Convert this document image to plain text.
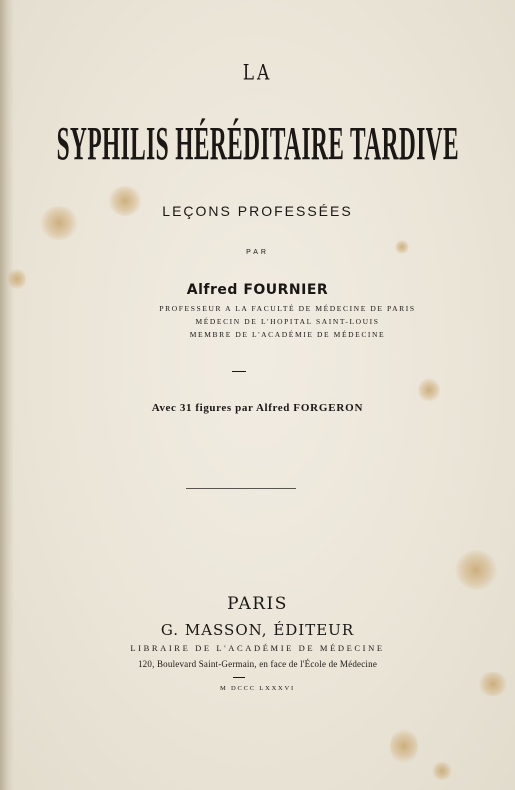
LA
SYPHILIS HÉRÉDITAIRE TARDIVE
LEÇONS PROFESSÉES
PAR
Alfred FOURNIER
PROFESSEUR A LA FACULTÉ DE MÉDECINE DE PARIS
MÉDECIN DE L'HOPITAL SAINT-LOUIS
MEMBRE DE L'ACADÉMIE DE MÉDECINE
Avec 31 figures par Alfred FORGERON
PARIS
G. MASSON, ÉDITEUR
LIBRAIRE DE L'ACADÉMIE DE MÉDECINE
120, Boulevard Saint-Germain, en face de l'École de Médecine
M DCCC LXXXVI
